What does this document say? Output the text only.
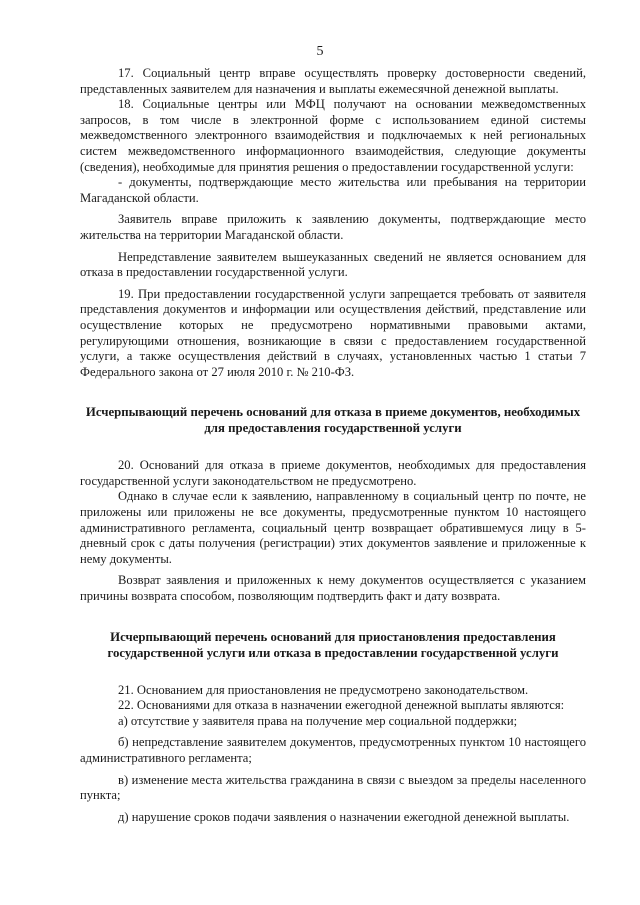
5

17. Социальный центр вправе осуществлять проверку достоверности сведений, представленных заявителем для назначения и выплаты ежемесячной денежной выплаты.

18. Социальные центры или МФЦ получают на основании межведомственных запросов, в том числе в электронной форме с использованием единой системы межведомственного электронного взаимодействия и подключаемых к ней региональных систем межведомственного информационного взаимодействия, следующие документы (сведения), необходимые для принятия решения о предоставлении государственной услуги:

- документы, подтверждающие место жительства или пребывания на территории Магаданской области.

Заявитель вправе приложить к заявлению документы, подтверждающие место жительства на территории Магаданской области.

Непредставление заявителем вышеуказанных сведений не является основанием для отказа в предоставлении государственной услуги.

19. При предоставлении государственной услуги запрещается требовать от заявителя представления документов и информации или осуществления действий, представление или осуществление которых не предусмотрено нормативными правовыми актами, регулирующими отношения, возникающие в связи с предоставлением государственной услуги, а также осуществления действий в случаях, установленных частью 1 статьи 7 Федерального закона от 27 июля 2010 г. № 210-ФЗ.

Исчерпывающий перечень оснований для отказа в приеме документов, необходимых для предоставления государственной услуги

20. Оснований для отказа в приеме документов, необходимых для предоставления государственной услуги законодательством не предусмотрено.

Однако в случае если к заявлению, направленному в социальный центр по почте, не приложены или приложены не все документы, предусмотренные пунктом 10 настоящего административного регламента, социальный центр возвращает обратившемуся лицу в 5-дневный срок с даты получения (регистрации) этих документов заявление и приложенные к нему документы.

Возврат заявления и приложенных к нему документов осуществляется с указанием причины возврата способом, позволяющим подтвердить факт и дату возврата.

Исчерпывающий перечень оснований для приостановления предоставления государственной услуги или отказа в предоставлении государственной услуги

21. Основанием для приостановления не предусмотрено законодательством.

22. Основаниями для отказа в назначении ежегодной денежной выплаты являются:

а) отсутствие у заявителя права на получение мер социальной поддержки;

б) непредставление заявителем документов, предусмотренных пунктом 10 настоящего административного регламента;

в) изменение места жительства гражданина в связи с выездом за пределы населенного пункта;

д) нарушение сроков подачи заявления о назначении ежегодной денежной выплаты.
